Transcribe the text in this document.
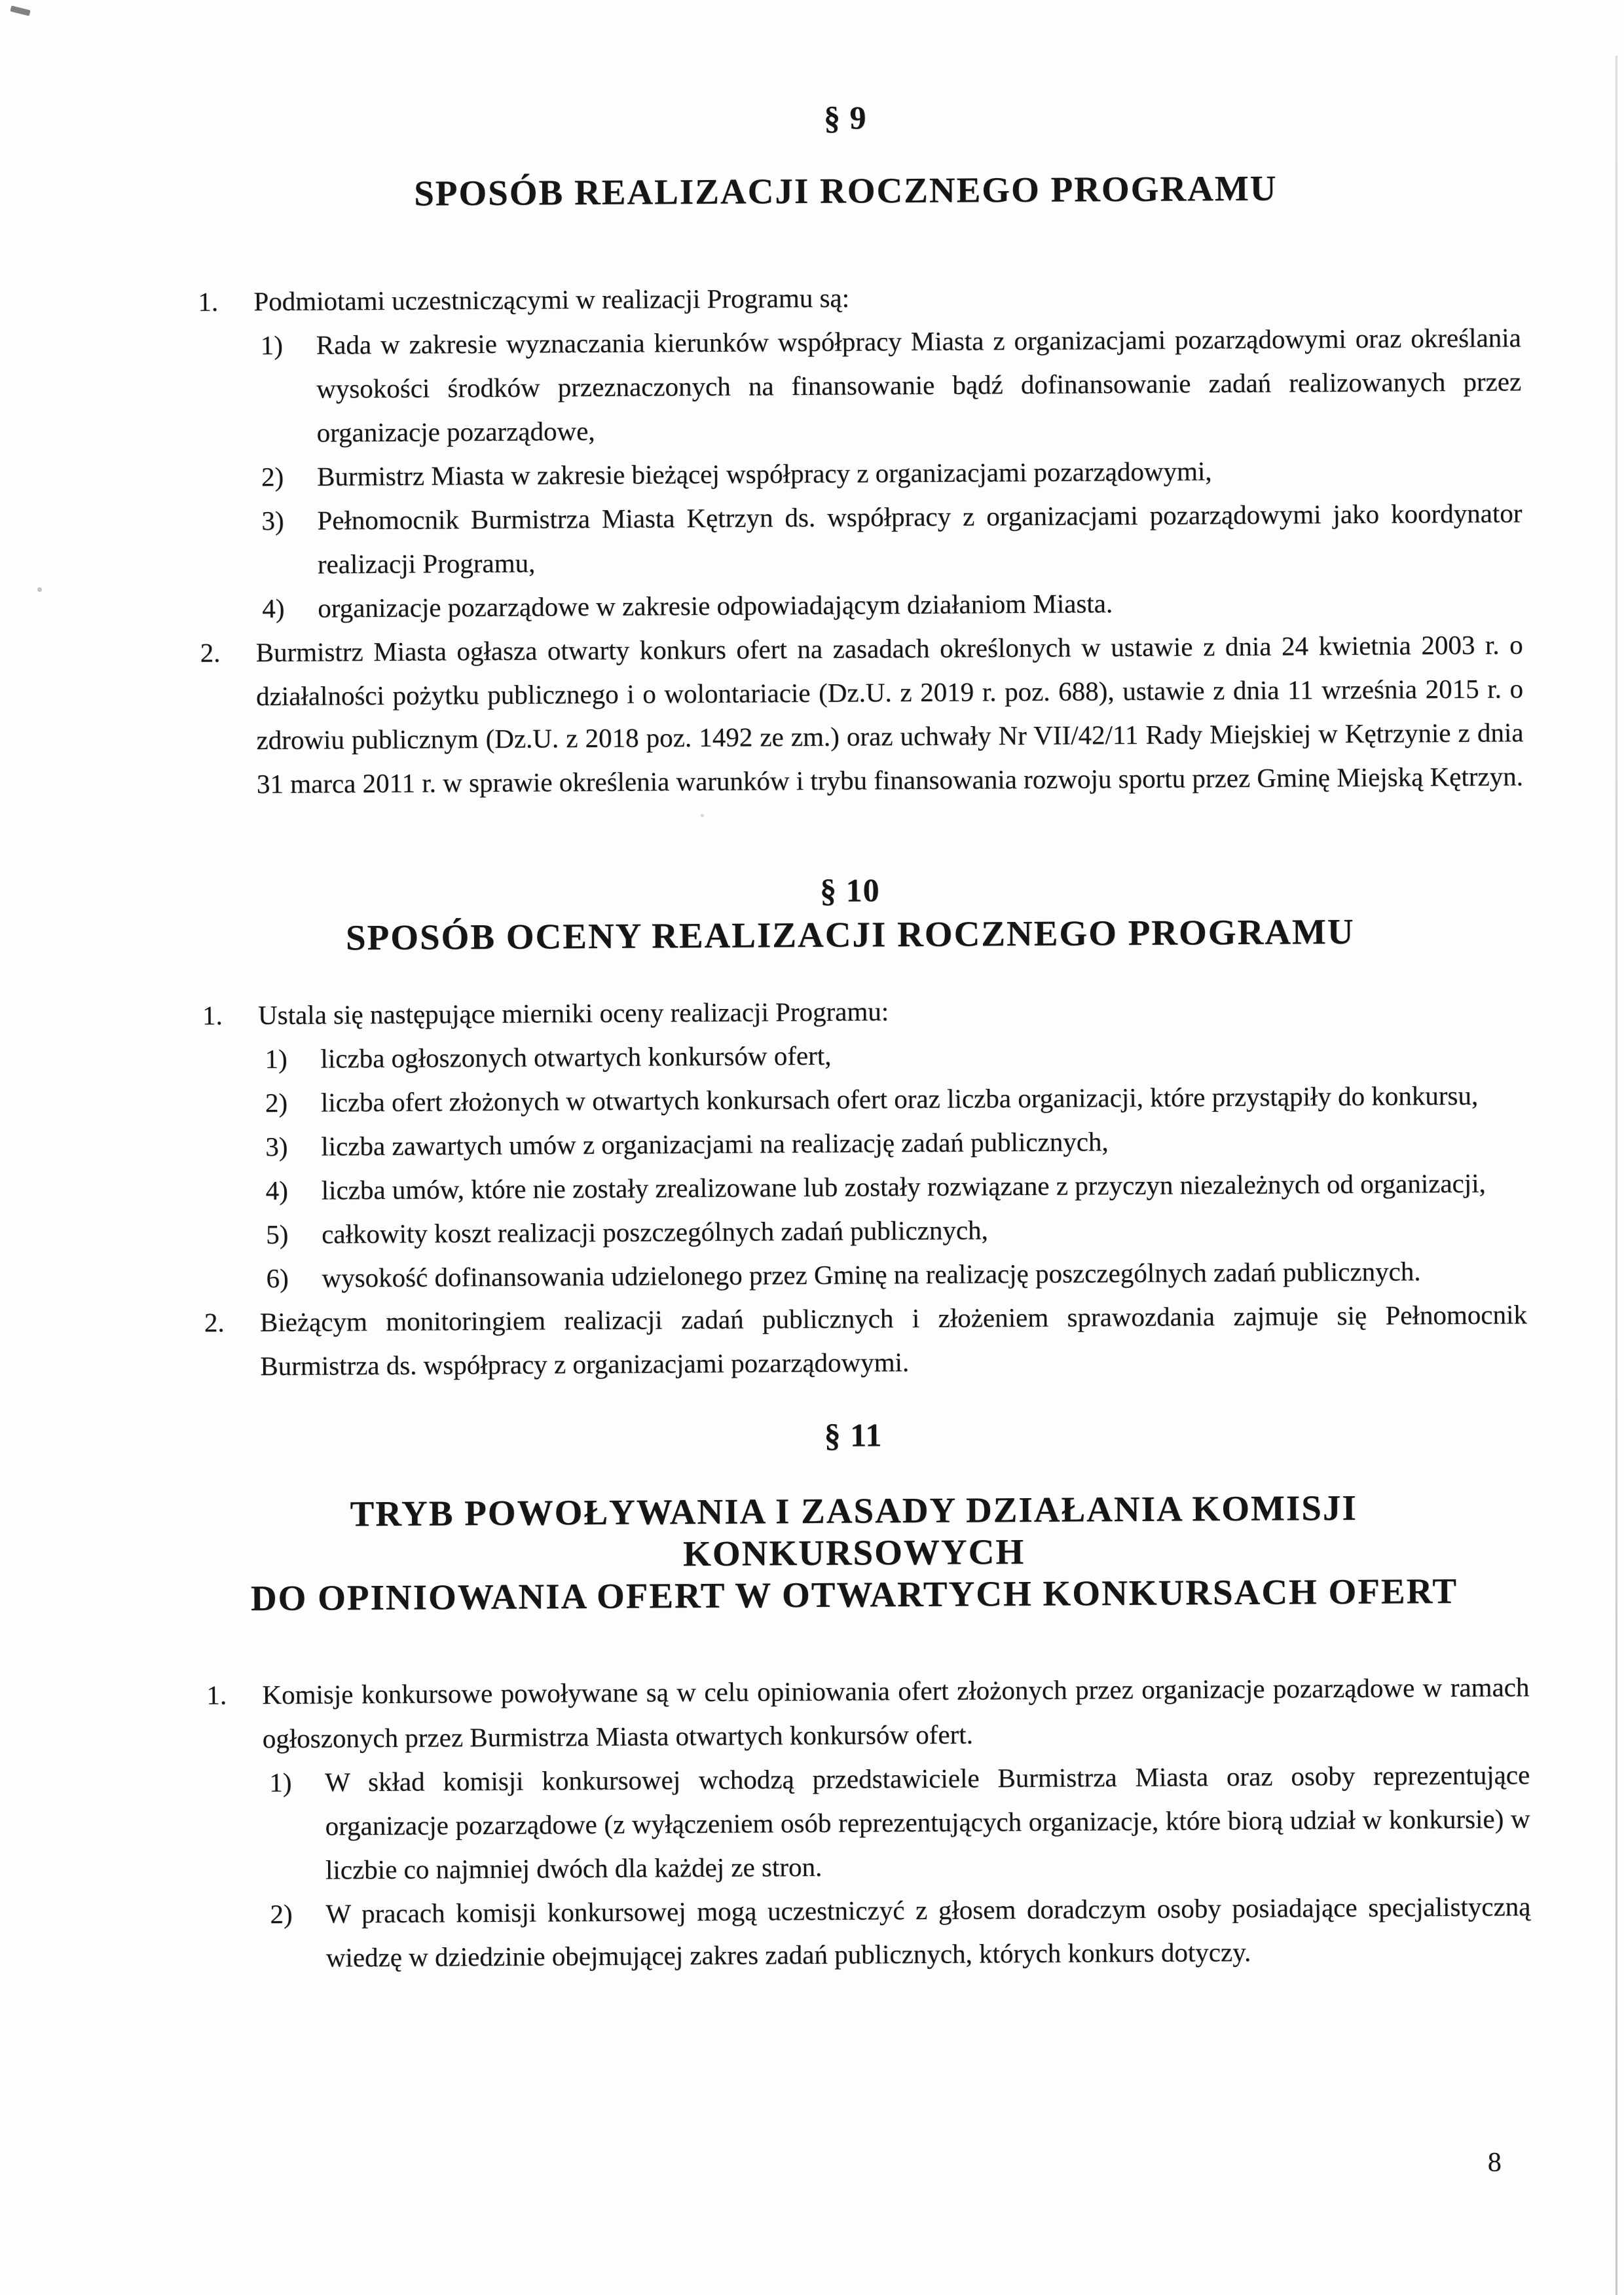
§ 9
SPOSÓB REALIZACJI ROCZNEGO PROGRAMU
1.	Podmiotami uczestniczącymi w realizacji Programu są:
1)	Rada w zakresie wyznaczania kierunków współpracy Miasta z organizacjami pozarządowymi oraz określania wysokości środków przeznaczonych na finansowanie bądź dofinansowanie zadań realizowanych przez organizacje pozarządowe,
2)	Burmistrz Miasta w zakresie bieżącej współpracy z organizacjami pozarządowymi,
3)	Pełnomocnik Burmistrza Miasta Kętrzyn ds. współpracy z organizacjami pozarządowymi jako koordynator realizacji Programu,
4)	organizacje pozarządowe w zakresie odpowiadającym działaniom Miasta.
2.	Burmistrz Miasta ogłasza otwarty konkurs ofert na zasadach określonych w ustawie z dnia 24 kwietnia 2003 r. o działalności pożytku publicznego i o wolontariacie (Dz.U. z 2019 r. poz. 688), ustawie z dnia 11 września 2015 r. o zdrowiu publicznym (Dz.U. z 2018 poz. 1492 ze zm.) oraz uchwały Nr VII/42/11 Rady Miejskiej w Kętrzynie z dnia 31 marca 2011 r. w sprawie określenia warunków i trybu finansowania rozwoju sportu przez Gminę Miejską Kętrzyn.
§ 10
SPOSÓB OCENY REALIZACJI ROCZNEGO PROGRAMU
1.	Ustala się następujące mierniki oceny realizacji Programu:
1)	liczba ogłoszonych otwartych konkursów ofert,
2)	liczba ofert złożonych w otwartych konkursach ofert oraz liczba organizacji, które przystąpiły do konkursu,
3)	liczba zawartych umów z organizacjami na realizację zadań publicznych,
4)	liczba umów, które nie zostały zrealizowane lub zostały rozwiązane z przyczyn niezależnych od organizacji,
5)	całkowity koszt realizacji poszczególnych zadań publicznych,
6)	wysokość dofinansowania udzielonego przez Gminę na realizację poszczególnych zadań publicznych.
2.	Bieżącym monitoringiem realizacji zadań publicznych i złożeniem sprawozdania zajmuje się Pełnomocnik Burmistrza ds. współpracy z organizacjami pozarządowymi.
§ 11
TRYB POWOŁYWANIA I ZASADY DZIAŁANIA KOMISJI KONKURSOWYCH
DO OPINIOWANIA OFERT W OTWARTYCH KONKURSACH OFERT
1.	Komisje konkursowe powoływane są w celu opiniowania ofert złożonych przez organizacje pozarządowe w ramach ogłoszonych przez Burmistrza Miasta otwartych konkursów ofert.
1)	W skład komisji konkursowej wchodzą przedstawiciele Burmistrza Miasta oraz osoby reprezentujące organizacje pozarządowe (z wyłączeniem osób reprezentujących organizacje, które biorą udział w konkursie) w liczbie co najmniej dwóch dla każdej ze stron.
2)	W pracach komisji konkursowej mogą uczestniczyć z głosem doradczym osoby posiadające specjalistyczną wiedzę w dziedzinie obejmującej zakres zadań publicznych, których konkurs dotyczy.
8
